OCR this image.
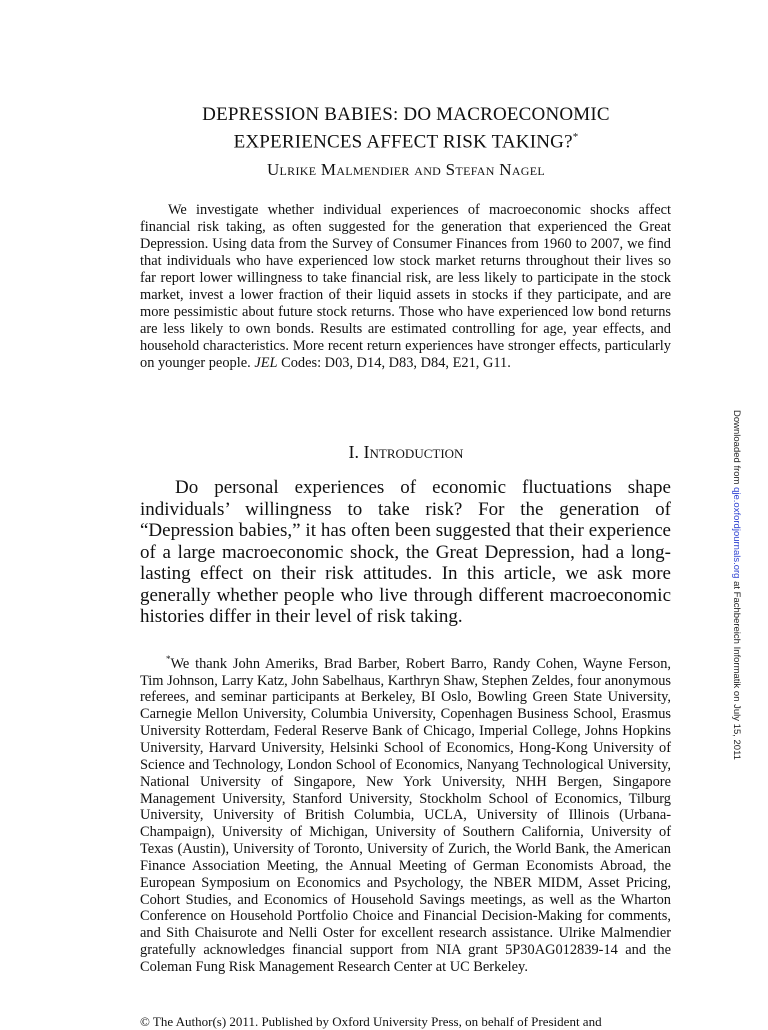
DEPRESSION BABIES: DO MACROECONOMIC
EXPERIENCES AFFECT RISK TAKING?*
Ulrike Malmendier and Stefan Nagel
We investigate whether individual experiences of macroeconomic shocks affect financial risk taking, as often suggested for the generation that experienced the Great Depression. Using data from the Survey of Consumer Finances from 1960 to 2007, we find that individuals who have experienced low stock market returns throughout their lives so far report lower willingness to take financial risk, are less likely to participate in the stock market, invest a lower fraction of their liquid assets in stocks if they participate, and are more pessimistic about future stock returns. Those who have experienced low bond returns are less likely to own bonds. Results are estimated controlling for age, year effects, and household characteristics. More recent return experiences have stronger effects, particularly on younger people. JEL Codes: D03, D14, D83, D84, E21, G11.
I. Introduction
Do personal experiences of economic fluctuations shape individuals’ willingness to take risk? For the generation of “Depression babies,” it has often been suggested that their experience of a large macroeconomic shock, the Great Depression, had a long-lasting effect on their risk attitudes. In this article, we ask more generally whether people who live through different macroeconomic histories differ in their level of risk taking.
*We thank John Ameriks, Brad Barber, Robert Barro, Randy Cohen, Wayne Ferson, Tim Johnson, Larry Katz, John Sabelhaus, Karthryn Shaw, Stephen Zeldes, four anonymous referees, and seminar participants at Berkeley, BI Oslo, Bowling Green State University, Carnegie Mellon University, Columbia University, Copenhagen Business School, Erasmus University Rotterdam, Federal Reserve Bank of Chicago, Imperial College, Johns Hopkins University, Harvard University, Helsinki School of Economics, Hong-Kong University of Science and Technology, London School of Economics, Nanyang Technological University, National University of Singapore, New York University, NHH Bergen, Singapore Management University, Stanford University, Stockholm School of Economics, Tilburg University, University of British Columbia, UCLA, University of Illinois (Urbana-Champaign), University of Michigan, University of Southern California, University of Texas (Austin), University of Toronto, University of Zurich, the World Bank, the American Finance Association Meeting, the Annual Meeting of German Economists Abroad, the European Symposium on Economics and Psychology, the NBER MIDM, Asset Pricing, Cohort Studies, and Economics of Household Savings meetings, as well as the Wharton Conference on Household Portfolio Choice and Financial Decision-Making for comments, and Sith Chaisurote and Nelli Oster for excellent research assistance. Ulrike Malmendier gratefully acknowledges financial support from NIA grant 5P30AG012839-14 and the Coleman Fung Risk Management Research Center at UC Berkeley.
© The Author(s) 2011. Published by Oxford University Press, on behalf of President and
Downloaded from qje.oxfordjournals.org at Fachbereich Informatik on July 15, 2011
